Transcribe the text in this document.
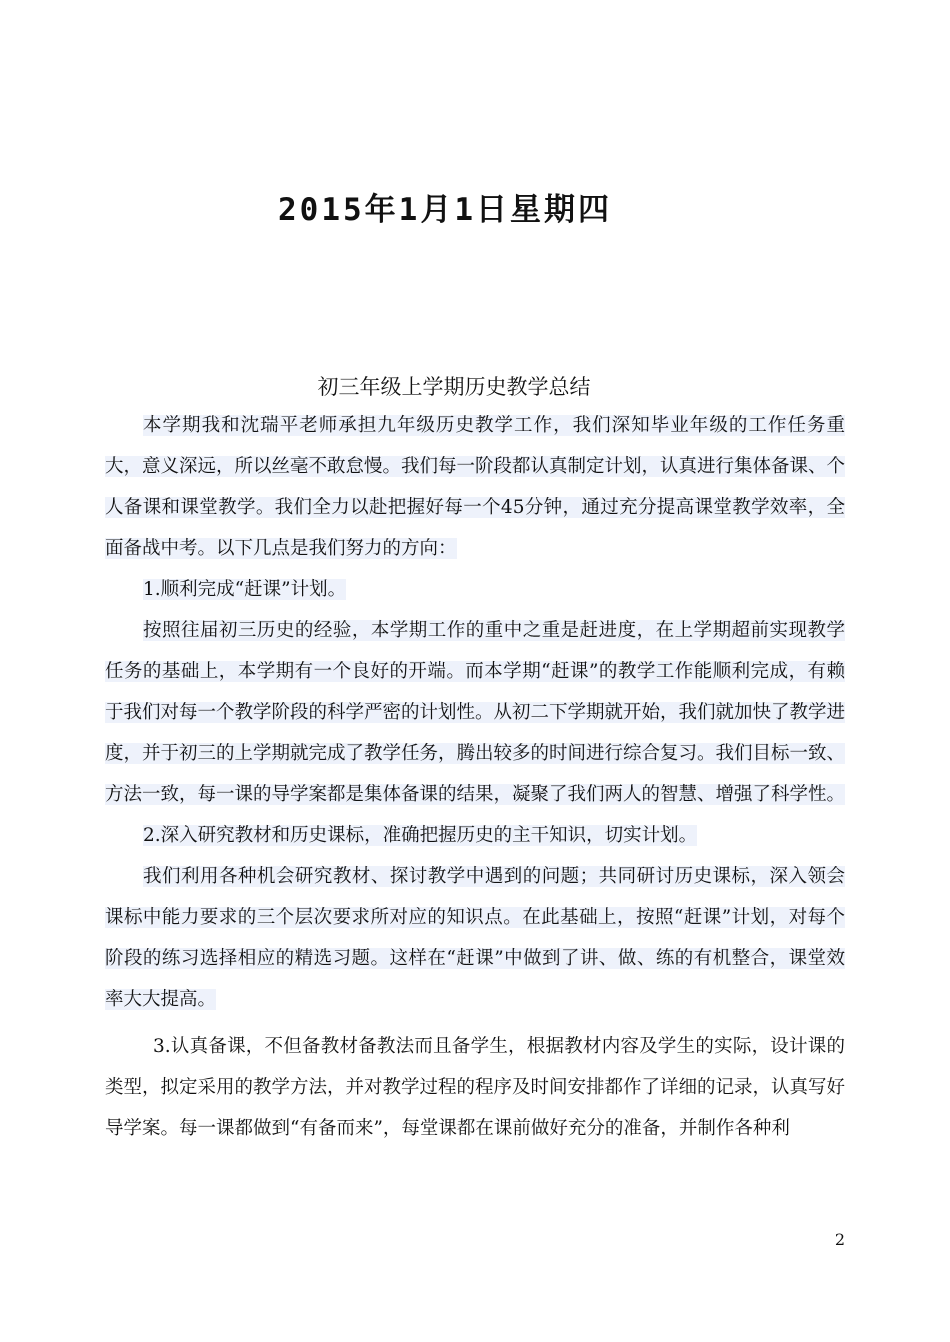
2015年1月1日星期四
初三年级上学期历史教学总结

本学期我和沈瑞平老师承担九年级历史教学工作，我们深知毕业年级的工作任务重大，意义深远，所以丝毫不敢怠慢。我们每一阶段都认真制定计划，认真进行集体备课、个人备课和课堂教学。我们全力以赴把握好每一个45分钟，通过充分提高课堂教学效率，全面备战中考。以下几点是我们努力的方向：

1.顺利完成“赶课”计划。

按照往届初三历史的经验，本学期工作的重中之重是赶进度，在上学期超前实现教学任务的基础上，本学期有一个良好的开端。而本学期“赶课”的教学工作能顺利完成，有赖于我们对每一个教学阶段的科学严密的计划性。从初二下学期就开始，我们就加快了教学进度，并于初三的上学期就完成了教学任务，腾出较多的时间进行综合复习。我们目标一致、方法一致，每一课的导学案都是集体备课的结果，凝聚了我们两人的智慧、增强了科学性。

2.深入研究教材和历史课标，准确把握历史的主干知识，切实计划。

我们利用各种机会研究教材、探讨教学中遇到的问题；共同研讨历史课标，深入领会课标中能力要求的三个层次要求所对应的知识点。在此基础上，按照“赶课”计划，对每个阶段的练习选择相应的精选习题。这样在“赶课”中做到了讲、做、练的有机整合，课堂效率大大提高。

3.认真备课，不但备教材备教法而且备学生，根据教材内容及学生的实际，设计课的类型，拟定采用的教学方法，并对教学过程的程序及时间安排都作了详细的记录，认真写好导学案。每一课都做到“有备而来”，每堂课都在课前做好充分的准备，并制作各种利

2
